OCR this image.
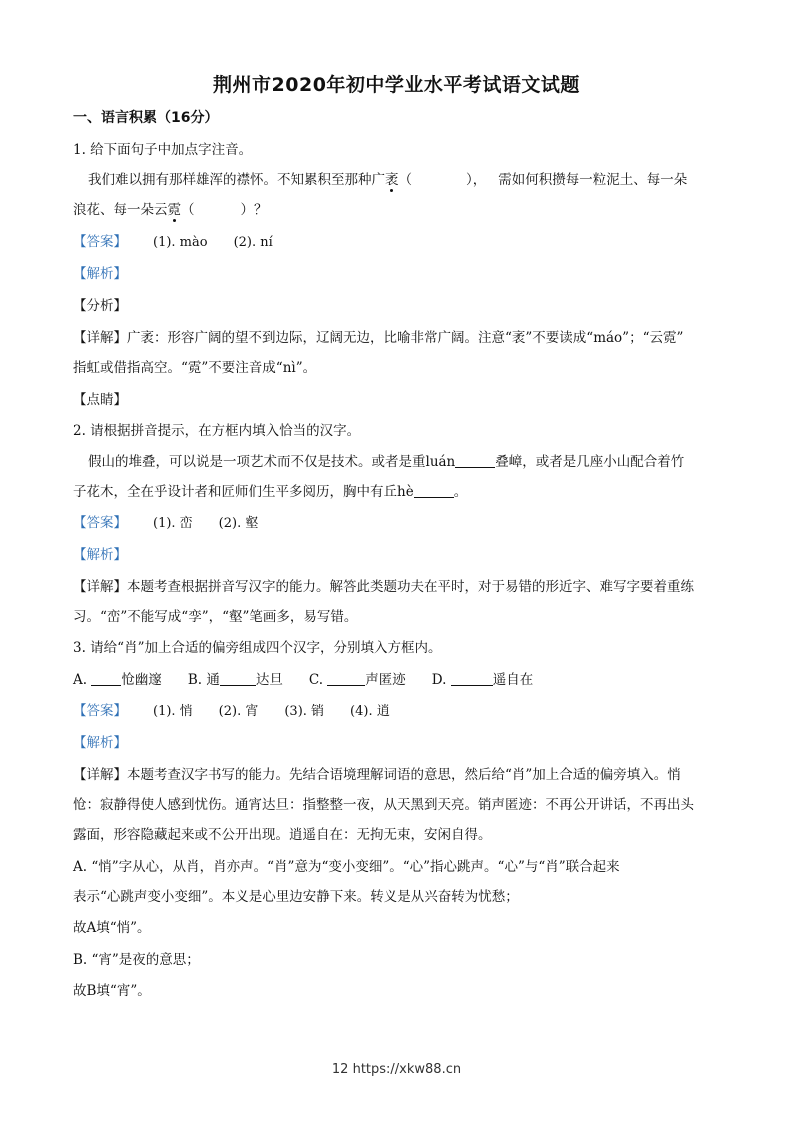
荆州市2020年初中学业水平考试语文试题
一、语言积累（16分）
1. 给下面句子中加点字注音。
我们难以拥有那样雄浑的襟怀。不知累积至那种广袤（	）， 需如何积攒每一粒泥土、每一朵
浪花、每一朵云霓（	）？
【答案】 (1). mào　　(2). ní
【解析】
【分析】
【详解】广袤：形容广阔的望不到边际，辽阔无边，比喻非常广阔。注意“袤”不要读成“máo”；“云霓”
指虹或借指高空。“霓”不要注音成“nì”。
【点睛】
2. 请根据拼音提示，在方框内填入恰当的汉字。
假山的堆叠，可以说是一项艺术而不仅是技术。或者是重luán	叠嶂，或者是几座小山配合着竹
子花木，全在乎设计者和匠师们生平多阅历，胸中有丘hè	。
【答案】 (1). 峦　　(2). 壑
【解析】
【详解】本题考查根据拼音写汉字的能力。解答此类题功夫在平时，对于易错的形近字、难写字要着重练
习。“峦”不能写成“孪”，“壑”笔画多，易写错。
3. 请给“肖”加上合适的偏旁组成四个汉字，分别填入方框内。
A.	怆幽邃 B. 通	达旦 C.	声匿迹 D.	遥自在
【答案】 (1). 悄　　(2). 宵　　(3). 销　　(4). 逍
【解析】
【详解】本题考查汉字书写的能力。先结合语境理解词语的意思，然后给“肖”加上合适的偏旁填入。悄
怆：寂静得使人感到忧伤。通宵达旦：指整整一夜，从天黑到天亮。销声匿迹：不再公开讲话，不再出头
露面，形容隐藏起来或不公开出现。逍遥自在：无拘无束，安闲自得。
A. “悄”字从心，从肖，肖亦声。“肖”意为“变小变细”。“心”指心跳声。“心”与“肖”联合起来
表示“心跳声变小变细”。本义是心里边安静下来。转义是从兴奋转为忧愁；
故A填“悄”。
B. “宵”是夜的意思；
故B填“宵”。
12 https://xkw88.cn
